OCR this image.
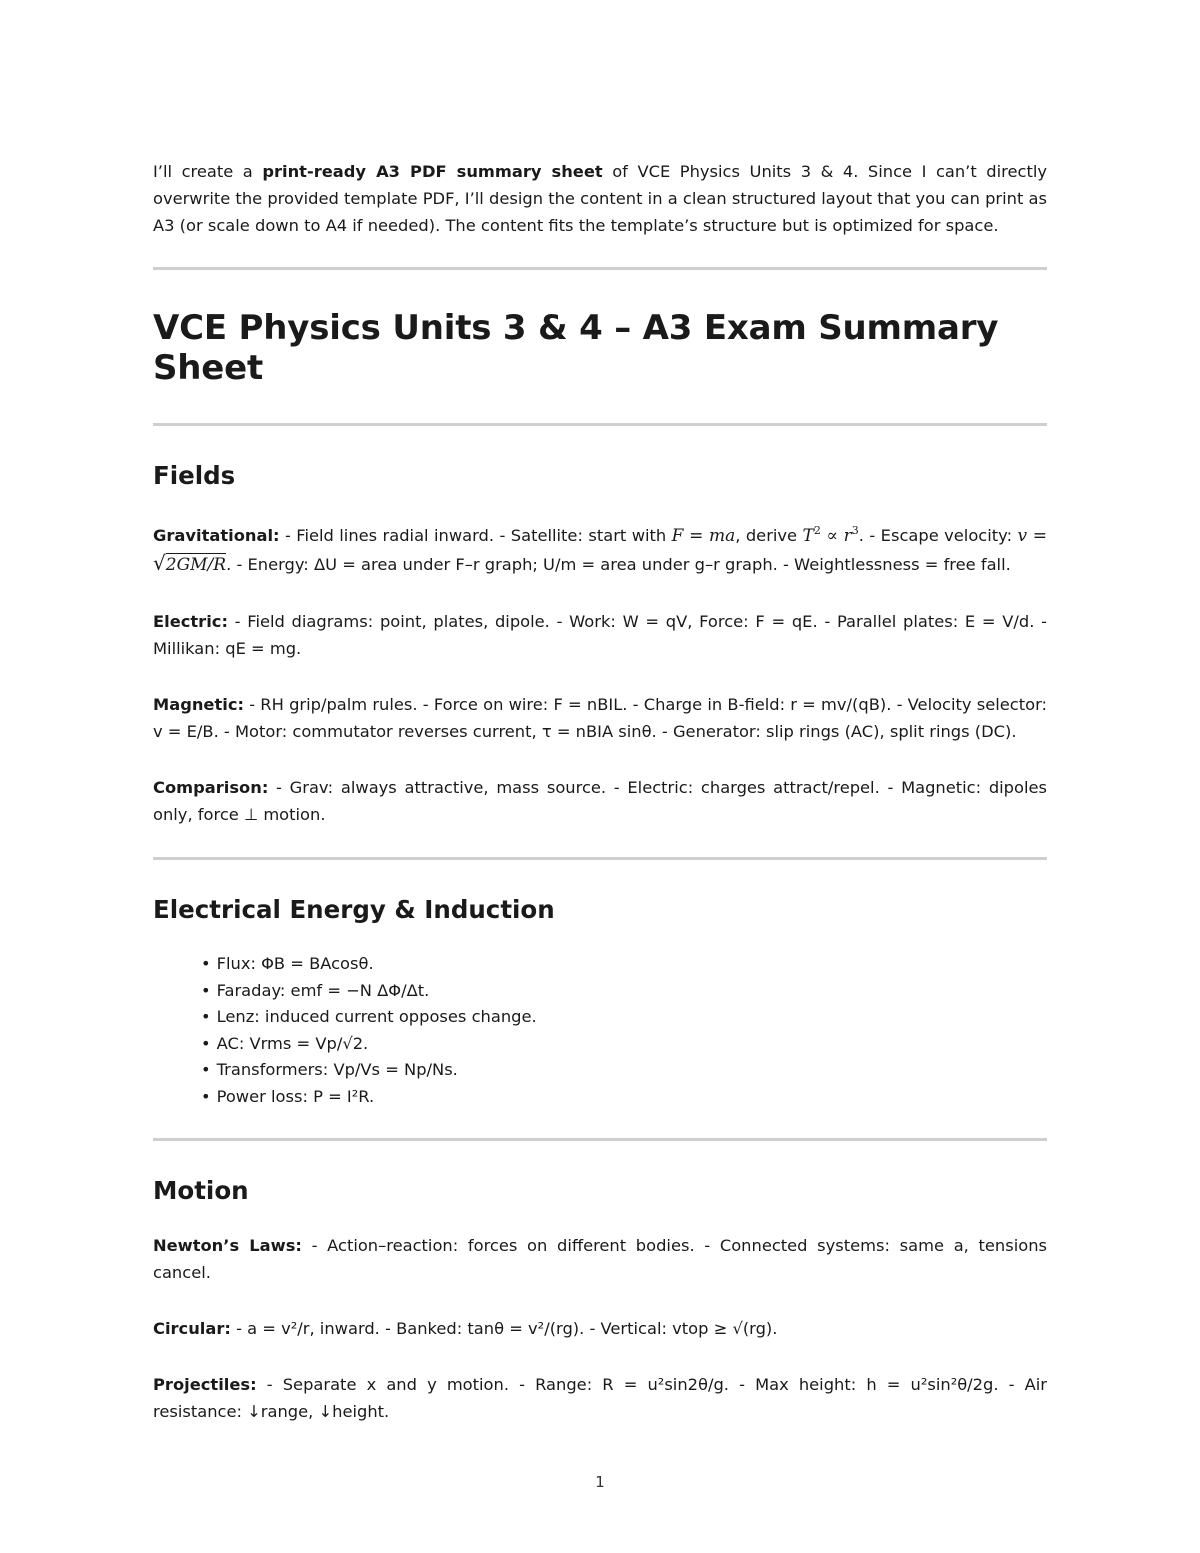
I’ll create a print-ready A3 PDF summary sheet of VCE Physics Units 3 & 4. Since I can’t directly overwrite the provided template PDF, I’ll design the content in a clean structured layout that you can print as A3 (or scale down to A4 if needed). The content fits the template’s structure but is optimized for space.

VCE Physics Units 3 & 4 – A3 Exam Summary Sheet
Fields

Gravitational: - Field lines radial inward. - Satellite: start with F = ma, derive $T^2 \propto r^3$. - Escape velocity: v = √2GM/R. - Energy: ΔU = area under F–r graph; U/m = area under g–r graph. - Weightlessness = free fall.

Electric: - Field diagrams: point, plates, dipole. - Work: W = qV, Force: F = qE. - Parallel plates: E = V/d. - Millikan: qE = mg.

Magnetic: - RH grip/palm rules. - Force on wire: F = nBIL. - Charge in B-field: r = mv/(qB). - Velocity selector: v = E/B. - Motor: commutator reverses current, τ = nBIA sinθ. - Generator: slip rings (AC), split rings (DC).

Comparison: - Grav: always attractive, mass source. - Electric: charges attract/repel. - Magnetic: dipoles only, force ⊥ motion.

Electrical Energy & Induction
• Flux: ΦB = BAcosθ.
• Faraday: emf = −N ΔΦ/Δt.
• Lenz: induced current opposes change.
• AC: Vrms = Vp/√2.
• Transformers: Vp/Vs = Np/Ns.
• Power loss: P = I²R.
Motion

Newton’s Laws: - Action–reaction: forces on different bodies. - Connected systems: same a, tensions cancel.

Circular: - a = v²/r, inward. - Banked: tanθ = v²/(rg). - Vertical: vtop ≥ √(rg).

Projectiles: - Separate x and y motion. - Range: R = u²sin2θ/g. - Max height: h = u²sin²θ/2g. - Air resistance: ↓range, ↓height.

1
